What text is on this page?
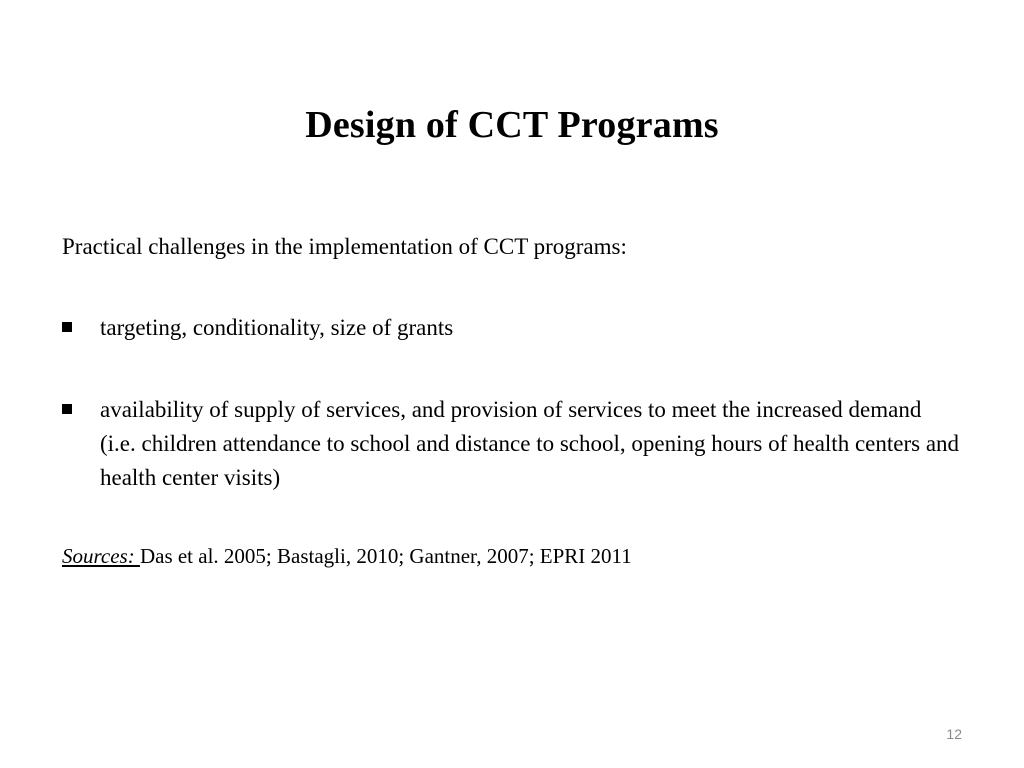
Design of CCT Programs
Practical challenges in the implementation of CCT programs:
targeting, conditionality, size of grants
availability of supply of services, and provision of services to meet the increased demand (i.e. children attendance to school and distance to school, opening hours of health centers and health center visits)
Sources: Das et al. 2005; Bastagli, 2010; Gantner, 2007; EPRI 2011
12
